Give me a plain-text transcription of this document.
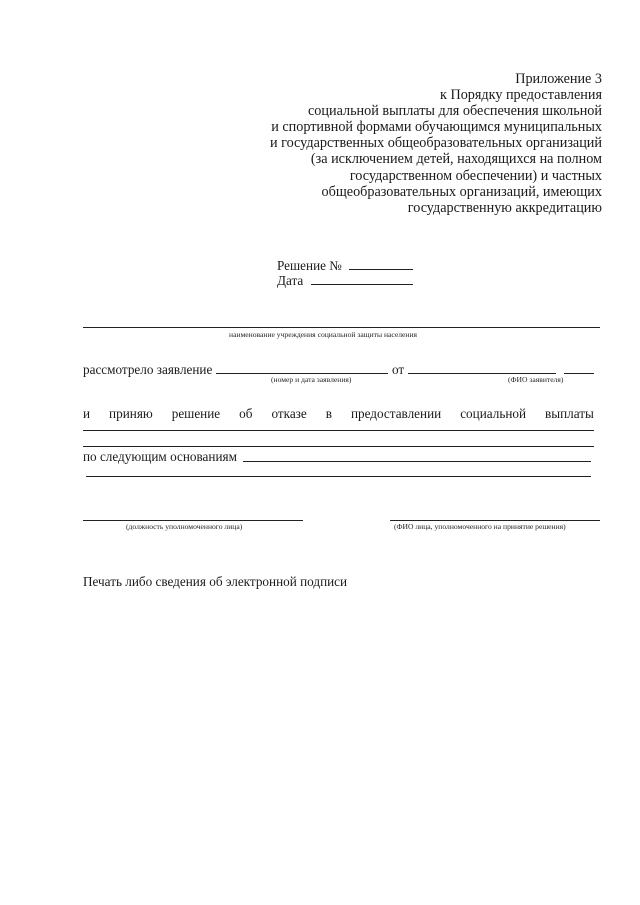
Приложение 3
к Порядку предоставления
социальной выплаты для обеспечения школьной
и спортивной формами обучающимся муниципальных
и государственных общеобразовательных организаций
(за исключением детей, находящихся на полном
государственном обеспечении) и частных
общеобразовательных организаций, имеющих
государственную аккредитацию
Решение №
Дата
наименование учреждения социальной защиты населения
рассмотрело заявление	от
(номер и дата заявления)	(ФИО заявителя)
и приняю решение об отказе в предоставлении социальной выплаты
по следующим основаниям
(должность уполномоченного лица)	(ФИО лица, уполномоченного на принятие решения)
Печать либо сведения об электронной подписи
